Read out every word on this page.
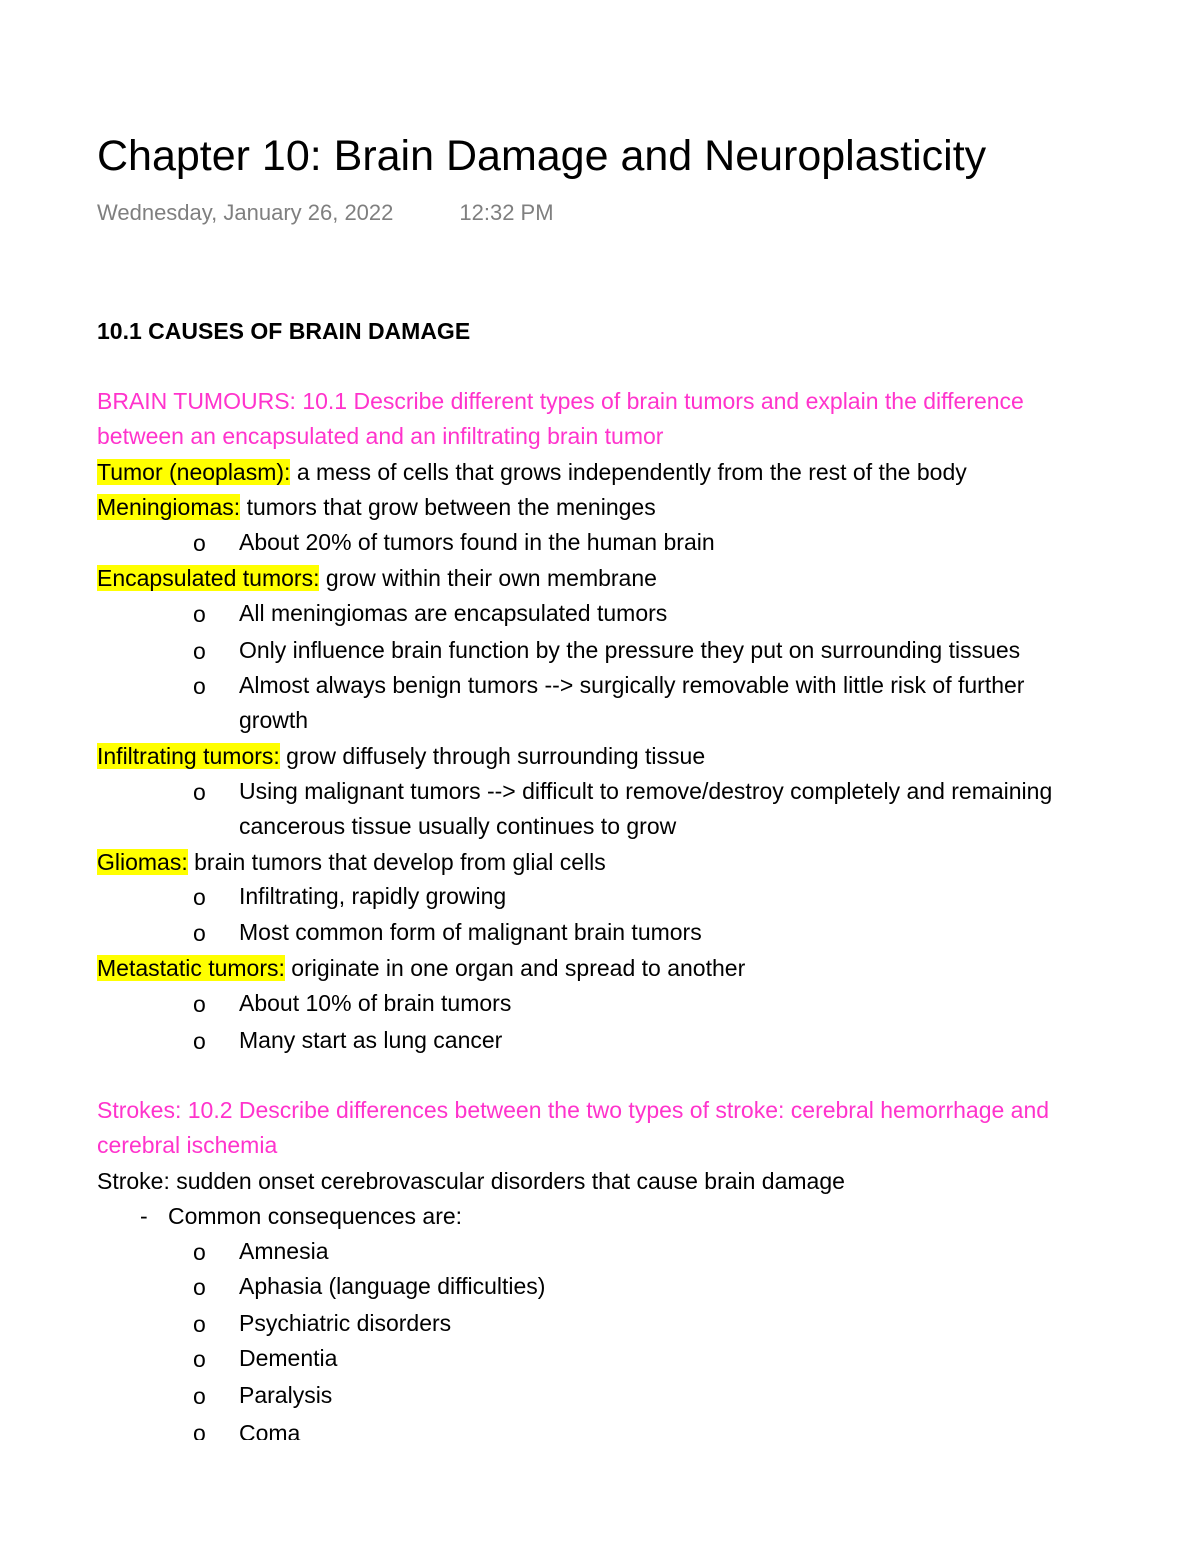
Chapter 10: Brain Damage and Neuroplasticity
Wednesday, January 26, 2022	12:32 PM
10.1 CAUSES OF BRAIN DAMAGE
BRAIN TUMOURS: 10.1 Describe different types of brain tumors and explain the difference
between an encapsulated and an infiltrating brain tumor
Tumor (neoplasm): a mess of cells that grows independently from the rest of the body
Meningiomas: tumors that grow between the meninges
o About 20% of tumors found in the human brain
Encapsulated tumors: grow within their own membrane
o All meningiomas are encapsulated tumors
o Only influence brain function by the pressure they put on surrounding tissues
o Almost always benign tumors --> surgically removable with little risk of further
growth
Infiltrating tumors: grow diffusely through surrounding tissue
o Using malignant tumors --> difficult to remove/destroy completely and remaining
cancerous tissue usually continues to grow
Gliomas: brain tumors that develop from glial cells
o Infiltrating, rapidly growing
o Most common form of malignant brain tumors
Metastatic tumors: originate in one organ and spread to another
o About 10% of brain tumors
o Many start as lung cancer
Strokes: 10.2 Describe differences between the two types of stroke: cerebral hemorrhage and
cerebral ischemia
Stroke: sudden onset cerebrovascular disorders that cause brain damage
- Common consequences are:
o Amnesia
o Aphasia (language difficulties)
o Psychiatric disorders
o Dementia
o Paralysis
o Coma
